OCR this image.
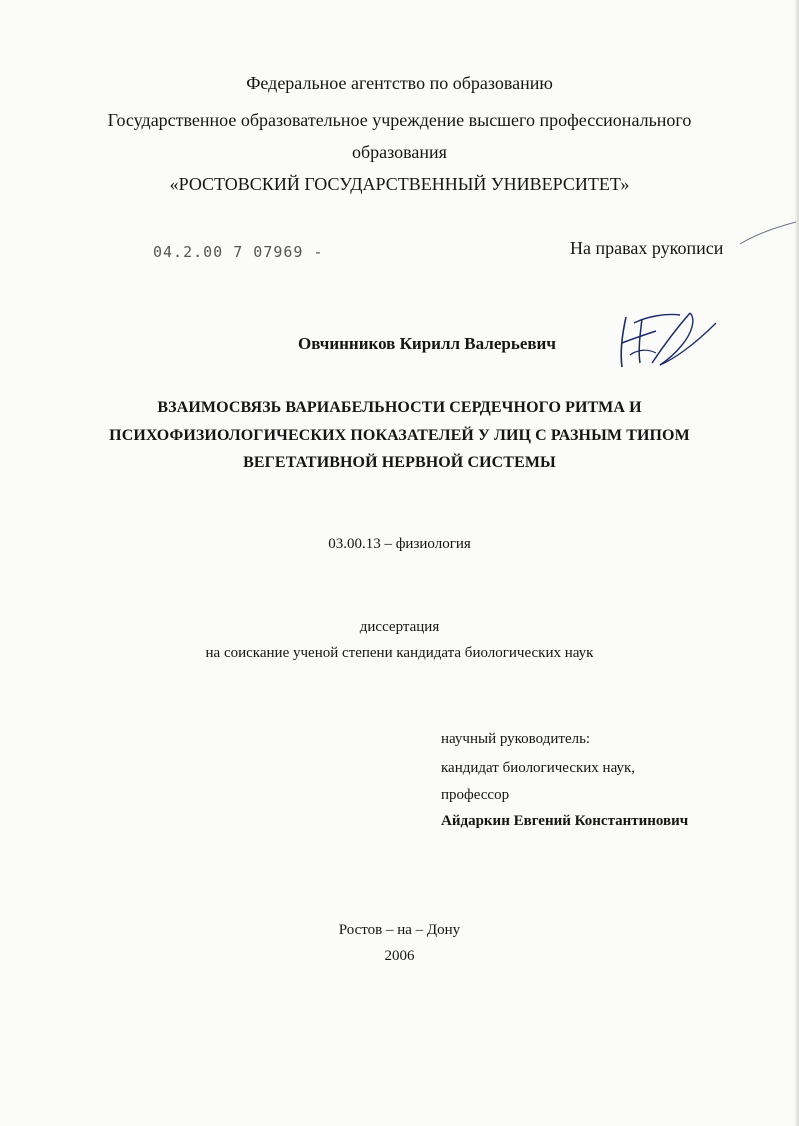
Федеральное агентство по образованию
Государственное образовательное учреждение высшего профессионального
образования
«РОСТОВСКИЙ ГОСУДАРСТВЕННЫЙ УНИВЕРСИТЕТ»
04.2.00 7 07969 -	На правах рукописи
Овчинников Кирилл Валерьевич
ВЗАИМОСВЯЗЬ ВАРИАБЕЛЬНОСТИ СЕРДЕЧНОГО РИТМА И
ПСИХОФИЗИОЛОГИЧЕСКИХ ПОКАЗАТЕЛЕЙ У ЛИЦ С РАЗНЫМ ТИПОМ
ВЕГЕТАТИВНОЙ НЕРВНОЙ СИСТЕМЫ
03.00.13 – физиология
диссертация
на соискание ученой степени кандидата биологических наук
научный руководитель:
кандидат биологических наук,
профессор
Айдаркин Евгений Константинович
Ростов – на – Дону
2006
